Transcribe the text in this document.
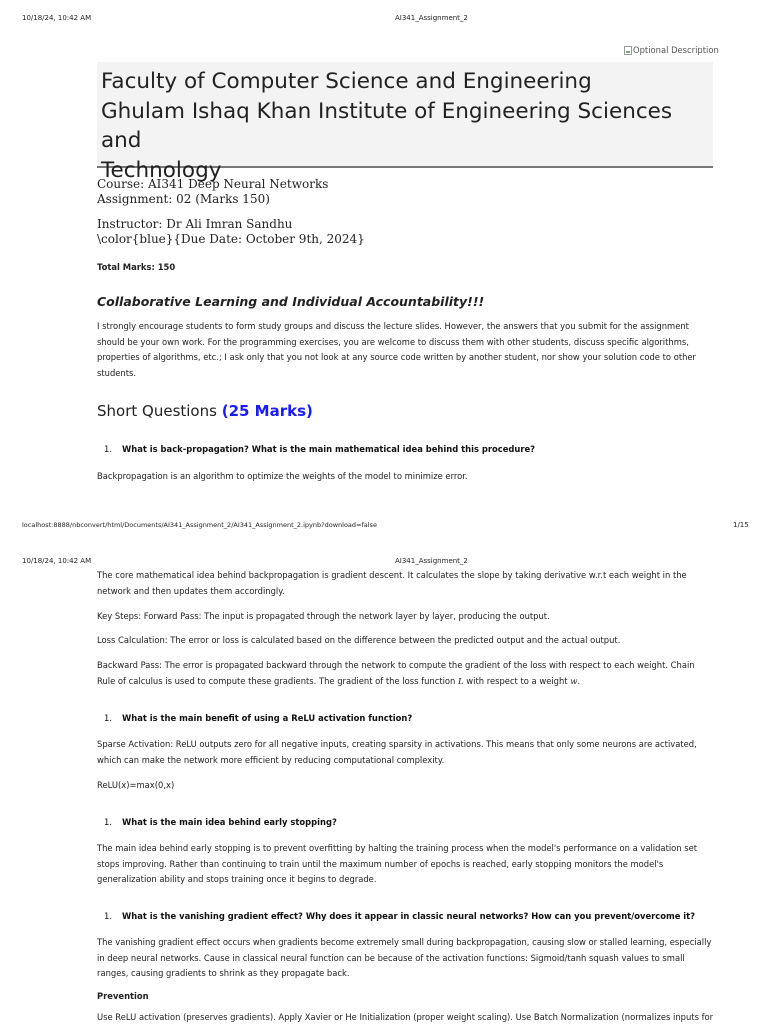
10/18/24, 10:42 AM	AI341_Assignment_2
Optional Description
Faculty of Computer Science and Engineering
Ghulam Ishaq Khan Institute of Engineering Sciences and
Technology
Course: AI341 Deep Neural Networks
Assignment: 02 (Marks 150)
Instructor: Dr Ali Imran Sandhu
\color{blue}{Due Date: October 9th, 2024}
Total Marks: 150
Collaborative Learning and Individual Accountability!!!
I strongly encourage students to form study groups and discuss the lecture slides. However, the answers that you submit for the assignment should be your own work. For the programming exercises, you are welcome to discuss them with other students, discuss specific algorithms, properties of algorithms, etc.; I ask only that you not look at any source code written by another student, nor show your solution code to other students.
Short Questions (25 Marks)
1. What is back-propagation? What is the main mathematical idea behind this procedure?
Backpropagation is an algorithm to optimize the weights of the model to minimize error.
localhost:8888/nbconvert/html/Documents/AI341_Assignment_2/AI341_Assignment_2.ipynb?download=false	1/15
10/18/24, 10:42 AM	AI341_Assignment_2
The core mathematical idea behind backpropagation is gradient descent. It calculates the slope by taking derivative w.r.t each weight in the network and then updates them accordingly.
Key Steps: Forward Pass: The input is propagated through the network layer by layer, producing the output.
Loss Calculation: The error or loss is calculated based on the difference between the predicted output and the actual output.
Backward Pass: The error is propagated backward through the network to compute the gradient of the loss with respect to each weight. Chain Rule of calculus is used to compute these gradients. The gradient of the loss function L with respect to a weight w.
1. What is the main benefit of using a ReLU activation function?
Sparse Activation: ReLU outputs zero for all negative inputs, creating sparsity in activations. This means that only some neurons are activated, which can make the network more efficient by reducing computational complexity.
ReLU(x)=max(0,x)
1. What is the main idea behind early stopping?
The main idea behind early stopping is to prevent overfitting by halting the training process when the model's performance on a validation set stops improving. Rather than continuing to train until the maximum number of epochs is reached, early stopping monitors the model's generalization ability and stops training once it begins to degrade.
1. What is the vanishing gradient effect? Why does it appear in classic neural networks? How can you prevent/overcome it?
The vanishing gradient effect occurs when gradients become extremely small during backpropagation, causing slow or stalled learning, especially in deep neural networks. Cause in classical neural function can be because of the activation functions: Sigmoid/tanh squash values to small ranges, causing gradients to shrink as they propagate back.
Prevention
Use ReLU activation (preserves gradients). Apply Xavier or He Initialization (proper weight scaling). Use Batch Normalization (normalizes inputs for
